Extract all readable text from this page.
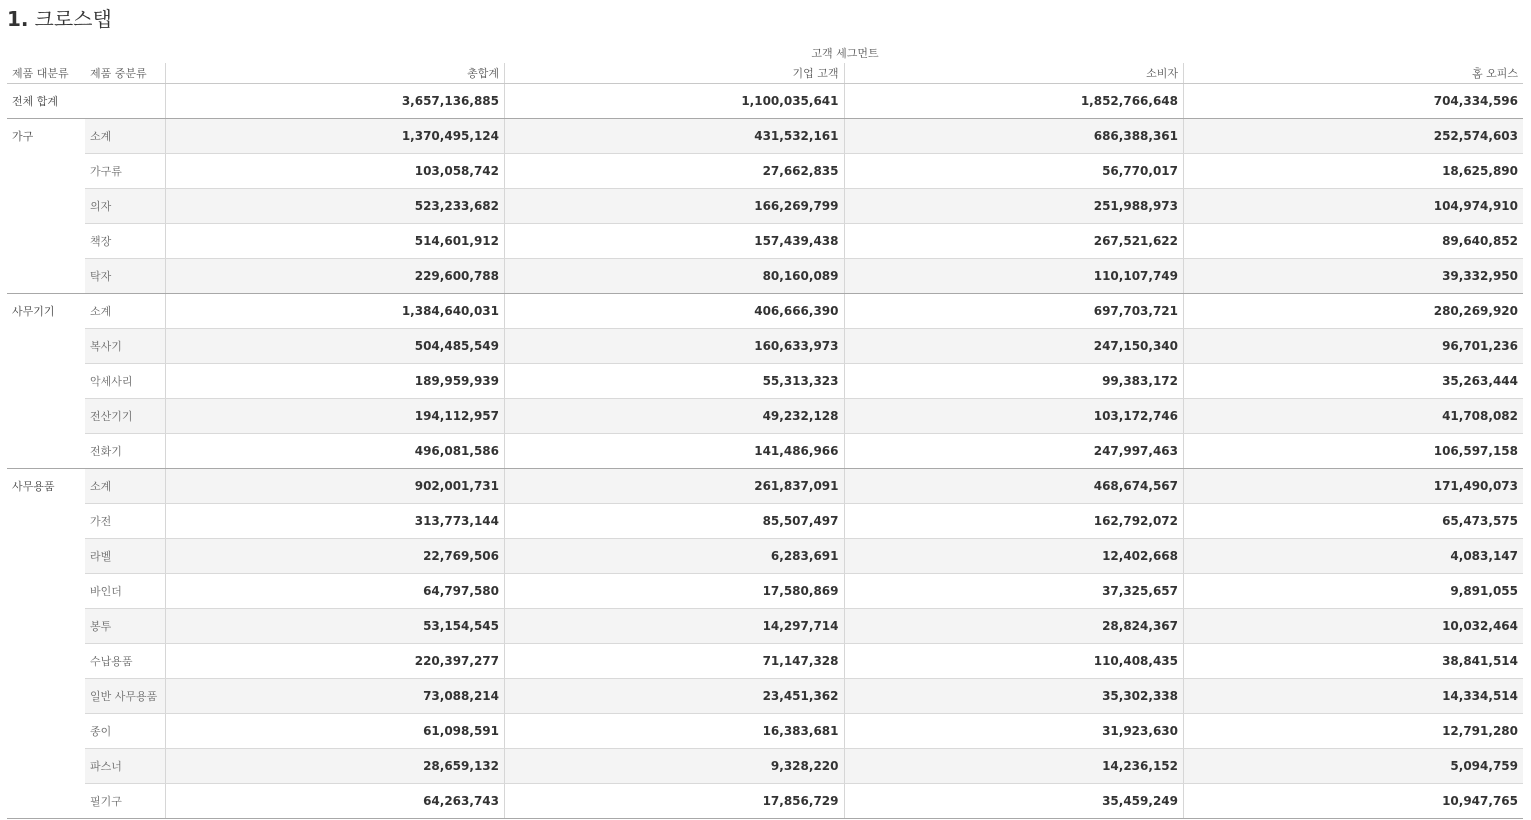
1. 크로스탭
고객 세그먼트
제품 대분류	제품 중분류	총합계	기업 고객	소비자	홈 오피스
전체 합계		3,657,136,885	1,100,035,641	1,852,766,648	704,334,596
가구	소계	1,370,495,124	431,532,161	686,388,361	252,574,603
	가구류	103,058,742	27,662,835	56,770,017	18,625,890
	의자	523,233,682	166,269,799	251,988,973	104,974,910
	책장	514,601,912	157,439,438	267,521,622	89,640,852
	탁자	229,600,788	80,160,089	110,107,749	39,332,950
사무기기	소계	1,384,640,031	406,666,390	697,703,721	280,269,920
	복사기	504,485,549	160,633,973	247,150,340	96,701,236
	악세사리	189,959,939	55,313,323	99,383,172	35,263,444
	전산기기	194,112,957	49,232,128	103,172,746	41,708,082
	전화기	496,081,586	141,486,966	247,997,463	106,597,158
사무용품	소계	902,001,731	261,837,091	468,674,567	171,490,073
	가전	313,773,144	85,507,497	162,792,072	65,473,575
	라벨	22,769,506	6,283,691	12,402,668	4,083,147
	바인더	64,797,580	17,580,869	37,325,657	9,891,055
	봉투	53,154,545	14,297,714	28,824,367	10,032,464
	수납용품	220,397,277	71,147,328	110,408,435	38,841,514
	일반 사무용품	73,088,214	23,451,362	35,302,338	14,334,514
	종이	61,098,591	16,383,681	31,923,630	12,791,280
	파스너	28,659,132	9,328,220	14,236,152	5,094,759
	필기구	64,263,743	17,856,729	35,459,249	10,947,765
